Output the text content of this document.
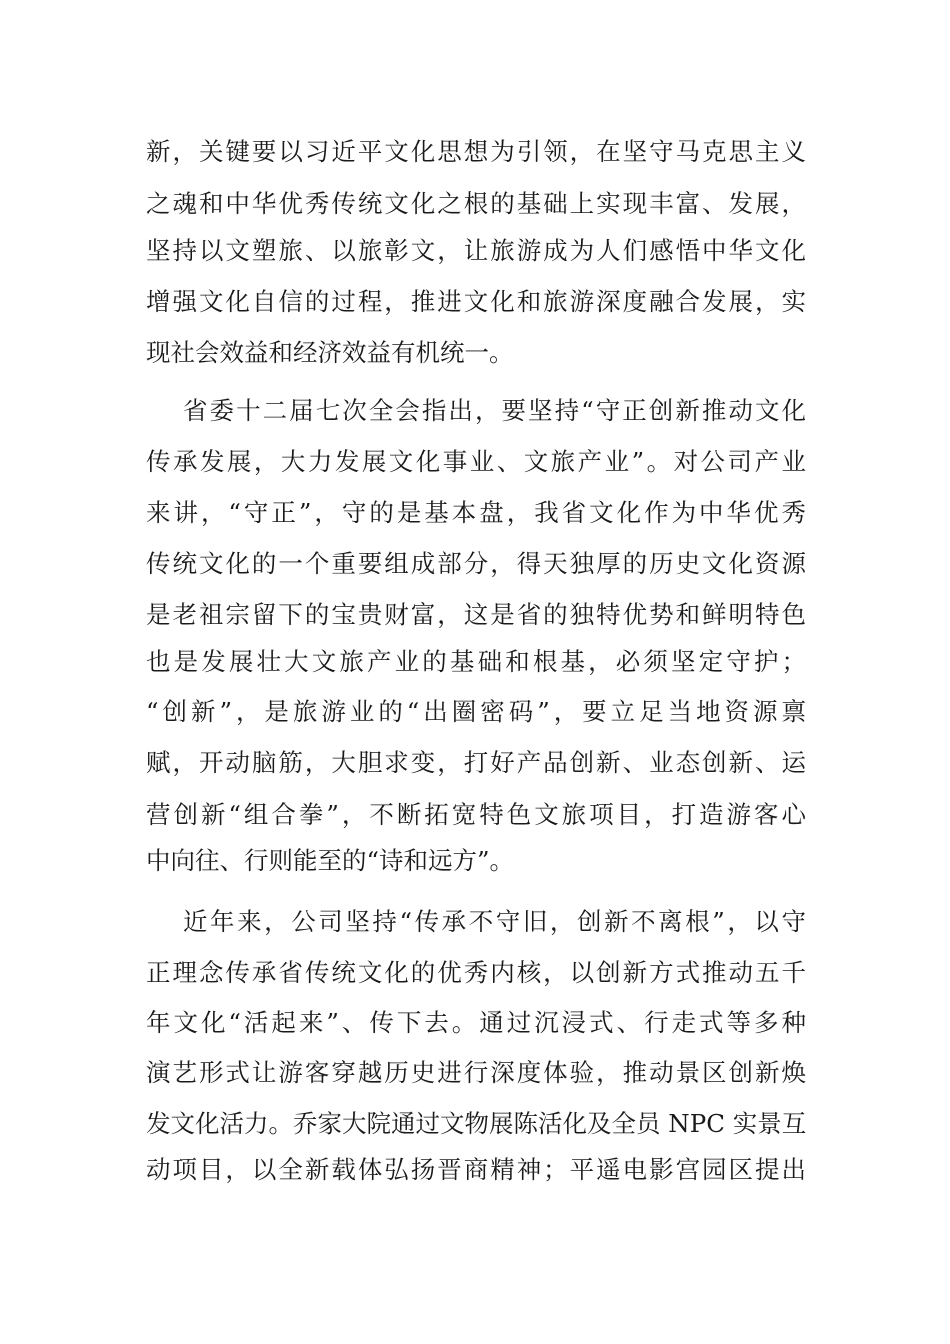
新，关键要以习近平文化思想为引领，在坚守马克思主义
之魂和中华优秀传统文化之根的基础上实现丰富、发展，
坚持以文塑旅、以旅彰文，让旅游成为人们感悟中华文化
增强文化自信的过程，推进文化和旅游深度融合发展，实
现社会效益和经济效益有机统一。
省委十二届七次全会指出，要坚持“守正创新推动文化
传承发展，大力发展文化事业、文旅产业”。对公司产业
来讲，“守正”，守的是基本盘，我省文化作为中华优秀
传统文化的一个重要组成部分，得天独厚的历史文化资源
是老祖宗留下的宝贵财富，这是省的独特优势和鲜明特色
也是发展壮大文旅产业的基础和根基，必须坚定守护；
“创新”，是旅游业的“出圈密码”，要立足当地资源禀
赋，开动脑筋，大胆求变，打好产品创新、业态创新、运
营创新“组合拳”，不断拓宽特色文旅项目，打造游客心
中向往、行则能至的“诗和远方”。
近年来，公司坚持“传承不守旧，创新不离根”，以守
正理念传承省传统文化的优秀内核，以创新方式推动五千
年文化“活起来”、传下去。通过沉浸式、行走式等多种
演艺形式让游客穿越历史进行深度体验，推动景区创新焕
发文化活力。乔家大院通过文物展陈活化及全员 NPC 实景互
动项目，以全新载体弘扬晋商精神；平遥电影宫园区提出
